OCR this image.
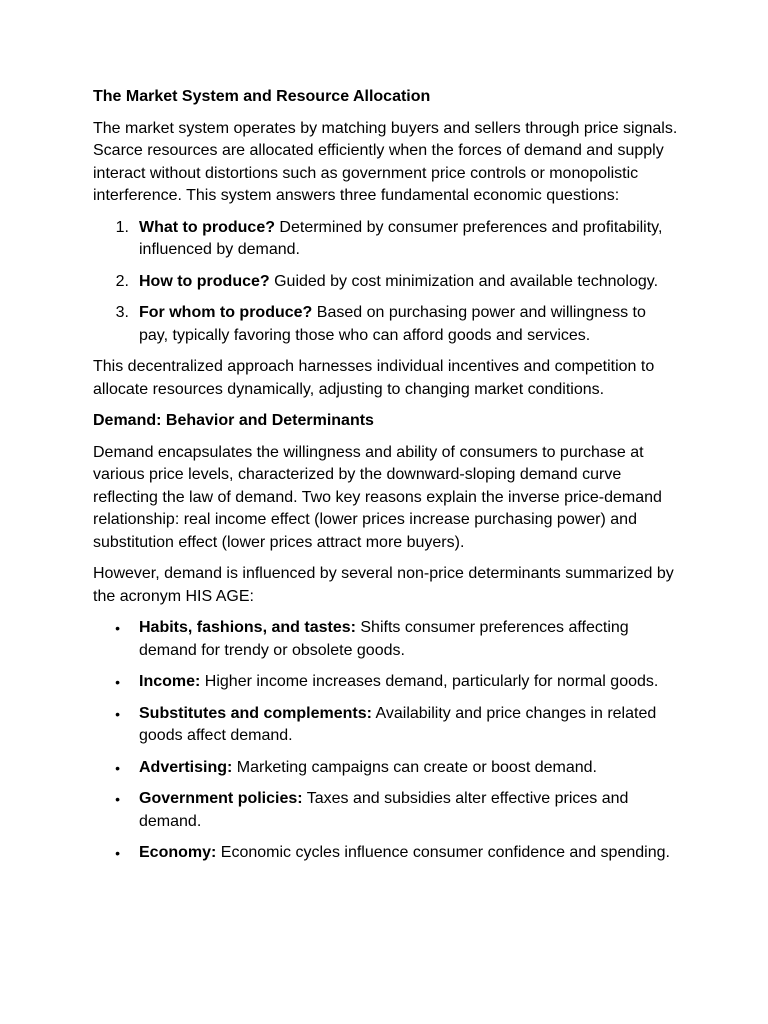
The Market System and Resource Allocation

The market system operates by matching buyers and sellers through price signals. Scarce resources are allocated efficiently when the forces of demand and supply interact without distortions such as government price controls or monopolistic interference. This system answers three fundamental economic questions:

1. What to produce? Determined by consumer preferences and profitability, influenced by demand.
2. How to produce? Guided by cost minimization and available technology.
3. For whom to produce? Based on purchasing power and willingness to pay, typically favoring those who can afford goods and services.

This decentralized approach harnesses individual incentives and competition to allocate resources dynamically, adjusting to changing market conditions.

Demand: Behavior and Determinants

Demand encapsulates the willingness and ability of consumers to purchase at various price levels, characterized by the downward-sloping demand curve reflecting the law of demand. Two key reasons explain the inverse price-demand relationship: real income effect (lower prices increase purchasing power) and substitution effect (lower prices attract more buyers).

However, demand is influenced by several non-price determinants summarized by the acronym HIS AGE:

• Habits, fashions, and tastes: Shifts consumer preferences affecting demand for trendy or obsolete goods.
• Income: Higher income increases demand, particularly for normal goods.
• Substitutes and complements: Availability and price changes in related goods affect demand.
• Advertising: Marketing campaigns can create or boost demand.
• Government policies: Taxes and subsidies alter effective prices and demand.
• Economy: Economic cycles influence consumer confidence and spending.
